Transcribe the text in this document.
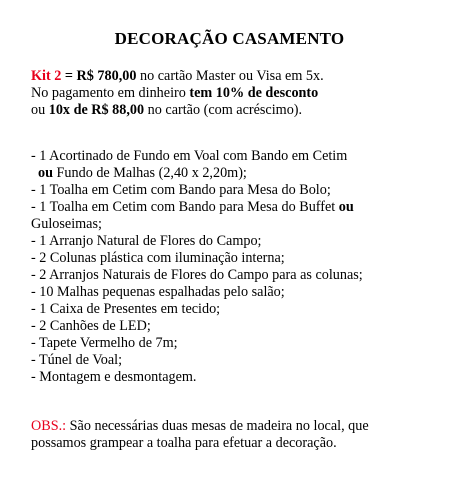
DECORAÇÃO CASAMENTO
Kit 2 = R$ 780,00 no cartão Master ou Visa em 5x.
No pagamento em dinheiro tem 10% de desconto
ou 10x de R$ 88,00 no cartão (com acréscimo).
- 1 Acortinado de Fundo em Voal com Bando em Cetim
ou Fundo de Malhas (2,40 x 2,20m);
- 1 Toalha em Cetim com Bando para Mesa do Bolo;
- 1 Toalha em Cetim com Bando para Mesa do Buffet ou
Guloseimas;
- 1 Arranjo Natural de Flores do Campo;
- 2 Colunas plástica com iluminação interna;
- 2 Arranjos Naturais de Flores do Campo para as colunas;
- 10 Malhas pequenas espalhadas pelo salão;
- 1 Caixa de Presentes em tecido;
- 2 Canhões de LED;
- Tapete Vermelho de 7m;
- Túnel de Voal;
- Montagem e desmontagem.
OBS.: São necessárias duas mesas de madeira no local, que
possamos grampear a toalha para efetuar a decoração.
